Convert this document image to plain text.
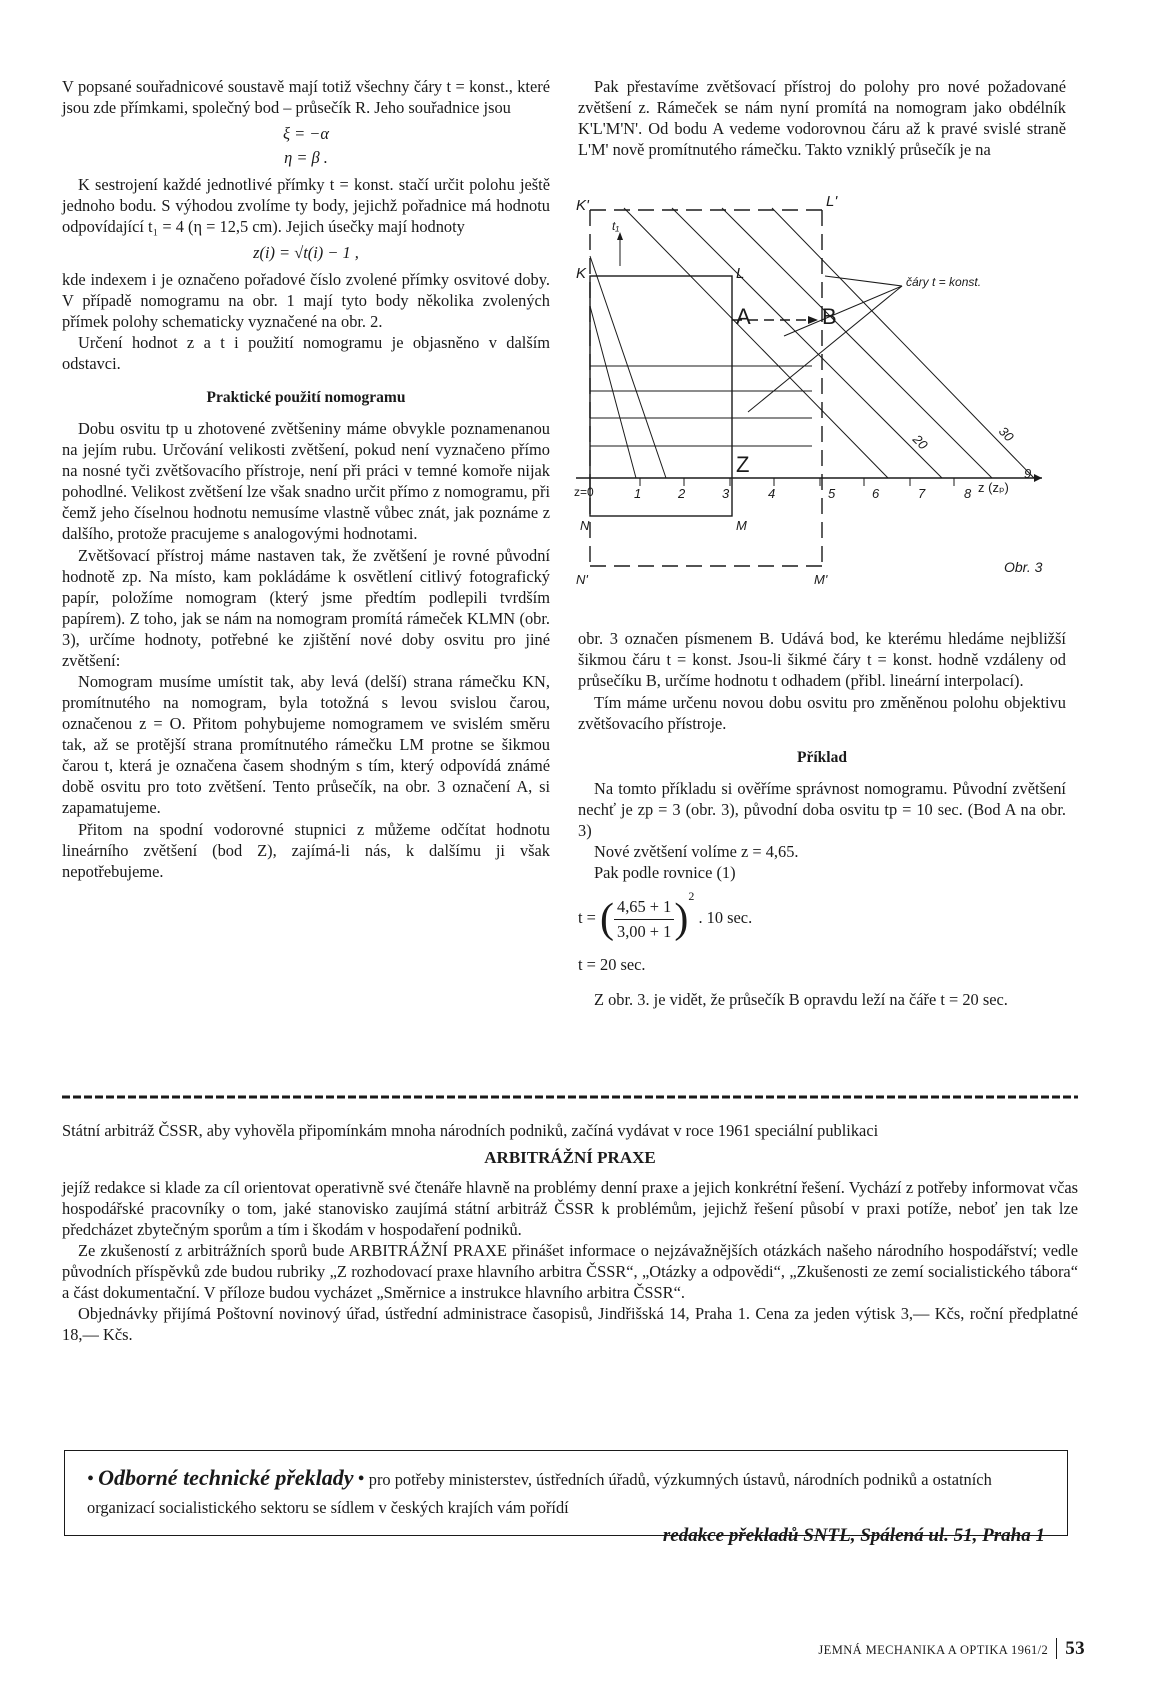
V popsané souřadnicové soustavě mají totiž všechny čáry t = konst., které jsou zde přímkami, společný bod – průsečík R. Jeho souřadnice jsou

ξ = −α
η = β .

K sestrojení každé jednotlivé přímky t = konst. stačí určit polohu ještě jednoho bodu. S výhodou zvolíme ty body, jejichž pořadnice má hodnotu odpovídající t₁ = 4 (η = 12,5 cm). Jejich úsečky mají hodnoty

z(i) = √t(i) − 1 ,

kde indexem i je označeno pořadové číslo zvolené přímky osvitové doby. V případě nomogramu na obr. 1 mají tyto body několika zvolených přímek polohy schematicky vyznačené na obr. 2.

Určení hodnot z a t i použití nomogramu je objasněno v dalším odstavci.

Praktické použití nomogramu

Dobu osvitu tp u zhotovené zvětšeniny máme obvykle poznamenanou na jejím rubu. Určování velikosti zvětšení, pokud není vyznačeno přímo na nosné tyči zvětšovacího přístroje, není při práci v temné komoře nijak pohodlné. Velikost zvětšení lze však snadno určit přímo z nomogramu, při čemž jeho číselnou hodnotu nemusíme vlastně vůbec znát, jak poznáme z dalšího, protože pracujeme s analogovými hodnotami.

Zvětšovací přístroj máme nastaven tak, že zvětšení je rovné původní hodnotě zp. Na místo, kam pokládáme k osvětlení citlivý fotografický papír, položíme nomogram (který jsme předtím podlepili tvrdším papírem). Z toho, jak se nám na nomogram promítá rámeček KLMN (obr. 3), určíme hodnoty, potřebné ke zjištění nové doby osvitu pro jiné zvětšení:

Nomogram musíme umístit tak, aby levá (delší) strana rámečku KN, promítnutého na nomogram, byla totožná s levou svislou čarou, označenou z = O. Přitom pohybujeme nomogramem ve svislém směru tak, až se protější strana promítnutého rámečku LM protne se šikmou čarou t, která je označena časem shodným s tím, který odpovídá známé době osvitu pro toto zvětšení. Tento průsečík, na obr. 3 označení A, si zapamatujeme.

Přitom na spodní vodorovné stupnici z můžeme odčítat hodnotu lineárního zvětšení (bod Z), zajímá-li nás, k dalšímu ji však nepotřebujeme.

Pak přestavíme zvětšovací přístroj do polohy pro nové požadované zvětšení z. Rámeček se nám nyní promítá na nomogram jako obdélník K'L'M'N'. Od bodu A vedeme vodorovnou čáru až k pravé svislé straně L'M' nově promítnutého rámečku. Takto vzniklý průsečík je na

obr. 3 označen písmenem B. Udává bod, ke kterému hledáme nejbližší šikmou čáru t = konst. Jsou-li šikmé čáry t = konst. hodně vzdáleny od průsečíku B, určíme hodnotu t odhadem (přibl. lineární interpolací).

Tím máme určenu novou dobu osvitu pro změněnou polohu objektivu zvětšovacího přístroje.

Příklad

Na tomto příkladu si ověříme správnost nomogramu. Původní zvětšení nechť je zp = 3 (obr. 3), původní doba osvitu tp = 10 sec. (Bod A na obr. 3)

Nové zvětšení volíme z = 4,65.

Pak podle rovnice (1)

t = ( $\frac{4,65 + 1}{3,00 + 1} )^2$ . 10 sec.

t = 20 sec.

Z obr. 3. je vidět, že průsečík B opravdu leží na čáře t = 20 sec.

K'	L'
K	L
t₁
A	B
Z
z=0
N	M
N'	M'
čáry t = konst.
z (zₚ)
1	2	3	4	5	6	7	8
9
20	30
Obr. 3

Státní arbitráž ČSSR, aby vyhověla připomínkám mnoha národních podniků, začíná vydávat v roce 1961 speciální publikaci

ARBITRÁŽNÍ PRAXE

jejíž redakce si klade za cíl orientovat operativně své čtenáře hlavně na problémy denní praxe a jejich konkrétní řešení. Vychází z potřeby informovat včas hospodářské pracovníky o tom, jaké stanovisko zaujímá státní arbitráž ČSSR k problémům, jejichž řešení působí v praxi potíže, neboť jen tak lze předcházet zbytečným sporům a tím i škodám v hospodaření podniků.

Ze zkušeností z arbitrážních sporů bude ARBITRÁŽNÍ PRAXE přinášet informace o nejzávažnějších otázkách našeho národního hospodářství; vedle původních příspěvků zde budou rubriky „Z rozhodovací praxe hlavního arbitra ČSSR“, „Otázky a odpovědi“, „Zkušenosti ze zemí socialistického tábora“ a část dokumentační. V příloze budou vycházet „Směrnice a instrukce hlavního arbitra ČSSR“.

Objednávky přijímá Poštovní novinový úřad, ústřední administrace časopisů, Jindřišská 14, Praha 1. Cena za jeden výtisk 3,— Kčs, roční předplatné 18,— Kčs.

• Odborné technické překlady • pro potřeby ministerstev, ústředních úřadů, výzkumných ústavů, národních podniků a ostatních organizací socialistického sektoru se sídlem v českých krajích vám pořídí
redakce překladů SNTL, Spálená ul. 51, Praha 1
JEMNÁ MECHANIKA A OPTIKA 1961/2 53
